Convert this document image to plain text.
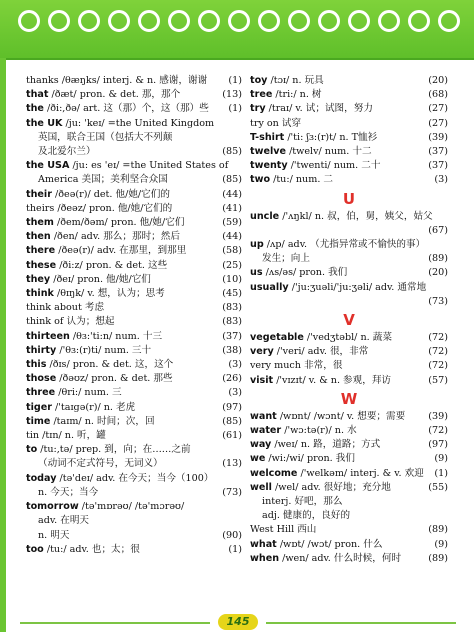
thanks /θæŋks/ interj. & n. 感谢，谢谢	(1)
that /ðæt/ pron. & det. 那，那个	(13)
the /ði:,ðə/ art. 这（那）个，这（那）些	(1)
the UK /ju: 'keɪ/ =the United Kingdom
英国，联合王国（包括大不列颠
及北爱尔兰）	(85)
the USA /ju: es 'eɪ/ =the United States of
America 美国；美利坚合众国	(85)
their /ðeə(r)/ det. 他/她/它们的	(44)
theirs /ðeəz/ pron. 他/她/它们的	(41)
them /ðem/ðəm/ pron. 他/她/它们	(59)
then /ðen/ adv. 那么；那时；然后	(44)
there /ðeə(r)/ adv. 在那里，到那里	(58)
these /ði:z/ pron. & det. 这些	(25)
they /ðeɪ/ pron. 他/她/它们	(10)
think /θɪŋk/ v. 想，认为；思考	(45)
think about 考虑	(83)
think of 认为；想起	(83)
thirteen /θɜ:'ti:n/ num. 十三	(37)
thirty /'θɜ:(r)ti/ num. 三十	(38)
this /ðɪs/ pron. & det. 这，这个	(3)
those /ðəʊz/ pron. & det. 那些	(26)
three /θri:/ num. 三	(3)
tiger /'taɪgə(r)/ n. 老虎	(97)
time /taɪm/ n. 时间；次，回	(85)
tin /tɪn/ n. 听，罐	(61)
to /tu:,tə/ prep. 到，向；在……之前
（动词不定式符号，无词义）	(13)
today /tə'deɪ/ adv. 在今天；当今（100）
n. 今天；当今	(73)
tomorrow /tə'mɒrəʊ/ /tə'mɔrəʊ/
adv. 在明天
n. 明天	(90)
too /tu:/ adv. 也；太；很	(1)
toy /tɔɪ/ n. 玩具	(20)
tree /tri:/ n. 树	(68)
try /traɪ/ v. 试；试图，努力	(27)
try on 试穿	(27)
T-shirt /'ti: ʃɜ:(r)t/ n. T恤衫	(39)
twelve /twelv/ num. 十二	(37)
twenty /'twenti/ num. 二十	(37)
two /tu:/ num. 二	(3)
U
uncle /'ʌŋkl/ n. 叔，伯，舅，姨父，姑父
(67)
up /ʌp/ adv. （尤指异常或不愉快的事）
发生；向上	(89)
us /ʌs/əs/ pron. 我们	(20)
usually /'ju:ʒuəli/'ju:ʒəli/ adv. 通常地
(73)
V
vegetable /'vedʒtəbl/ n. 蔬菜	(72)
very /'veri/ adv. 很，非常	(72)
very much 非常，很	(72)
visit /'vɪzɪt/ v. & n. 参观，拜访	(57)
W
want /wɒnt/ /wɔnt/ v. 想要；需要	(39)
water /'wɔ:tə(r)/ n. 水	(72)
way /weɪ/ n. 路，道路；方式	(97)
we /wi:/wi/ pron. 我们	(9)
welcome /'welkəm/ interj. & v. 欢迎	(1)
well /wel/ adv. 很好地；充分地	(55)
interj. 好吧，那么
adj. 健康的，良好的
West Hill 西山	(89)
what /wɒt/ /wɔt/ pron. 什么	(9)
when /wen/ adv. 什么时候，何时	(89)
145
